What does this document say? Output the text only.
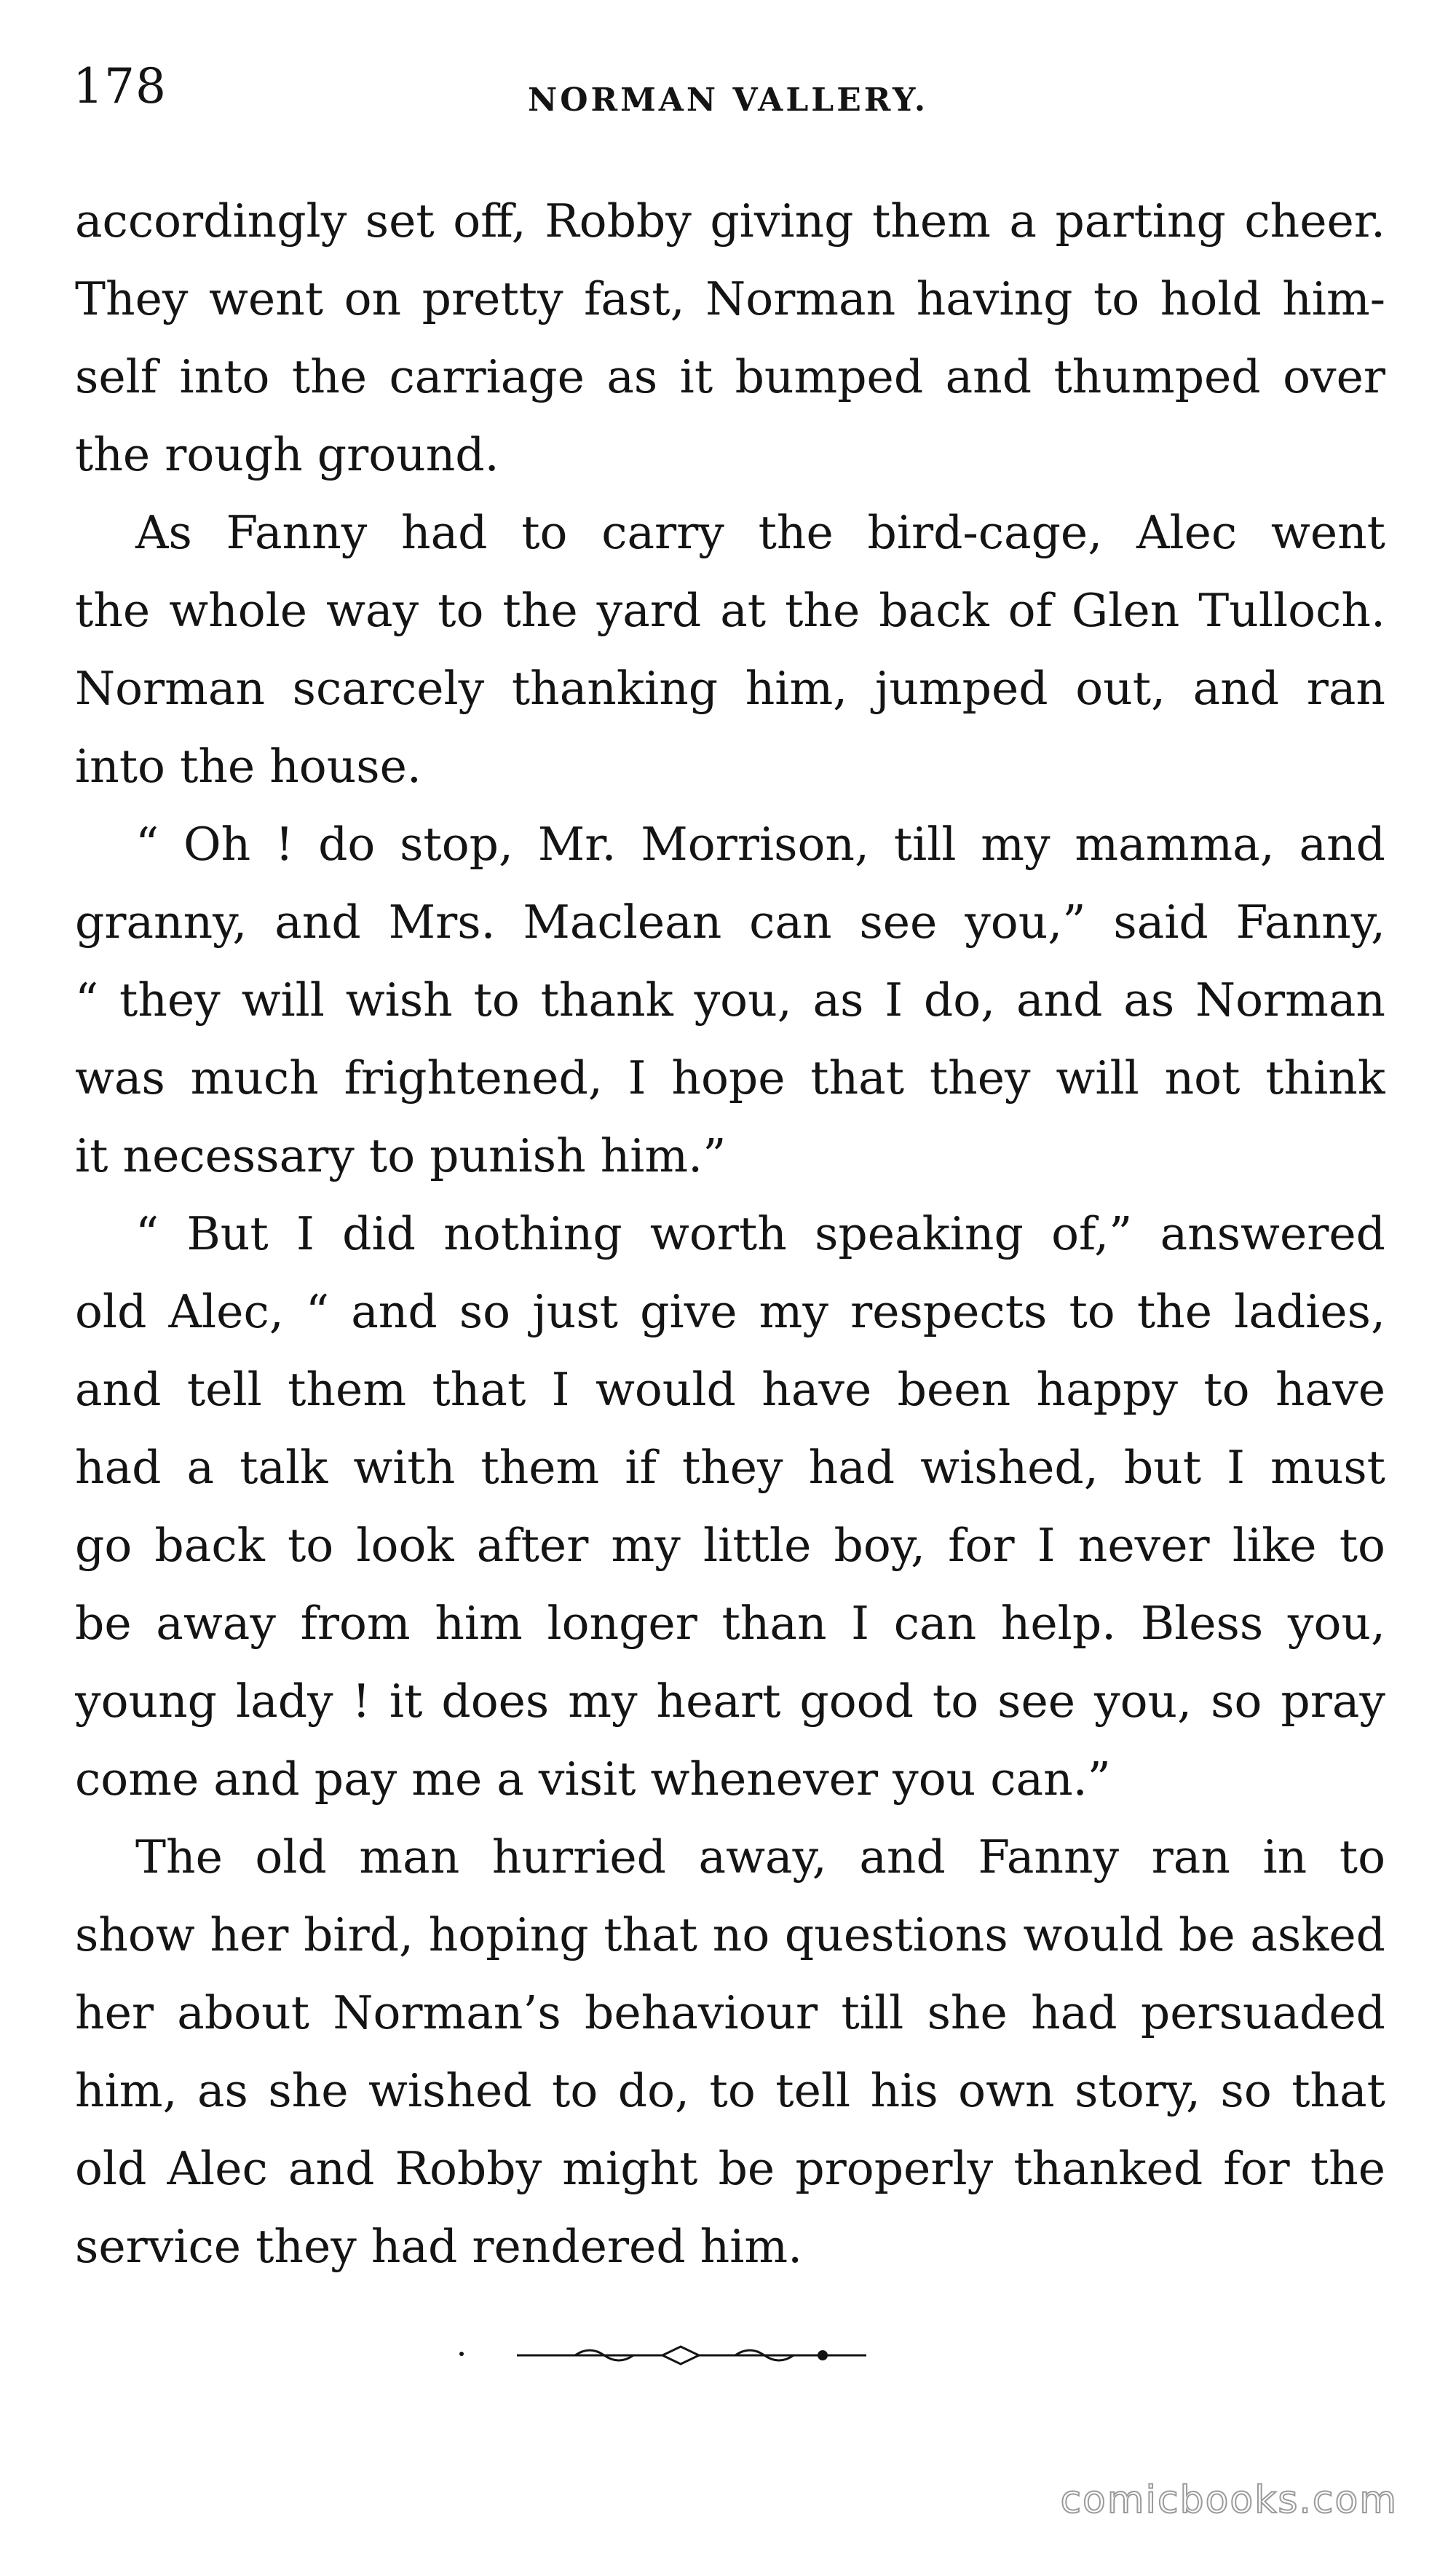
178	NORMAN VALLERY.
accordingly set off, Robby giving them a parting cheer.
They went on pretty fast, Norman having to hold him-
self into the carriage as it bumped and thumped over
the rough ground.
As Fanny had to carry the bird-cage, Alec went
the whole way to the yard at the back of Glen Tulloch.
Norman scarcely thanking him, jumped out, and ran
into the house.
“ Oh ! do stop, Mr. Morrison, till my mamma, and
granny, and Mrs. Maclean can see you,” said Fanny,
“ they will wish to thank you, as I do, and as Norman
was much frightened, I hope that they will not think
it necessary to punish him.”
“ But I did nothing worth speaking of,” answered
old Alec, “ and so just give my respects to the ladies,
and tell them that I would have been happy to have
had a talk with them if they had wished, but I must
go back to look after my little boy, for I never like to
be away from him longer than I can help. Bless you,
young lady ! it does my heart good to see you, so pray
come and pay me a visit whenever you can.”
The old man hurried away, and Fanny ran in to
show her bird, hoping that no questions would be asked
her about Norman’s behaviour till she had persuaded
him, as she wished to do, to tell his own story, so that
old Alec and Robby might be properly thanked for the
service they had rendered him.
comicbooks.com
